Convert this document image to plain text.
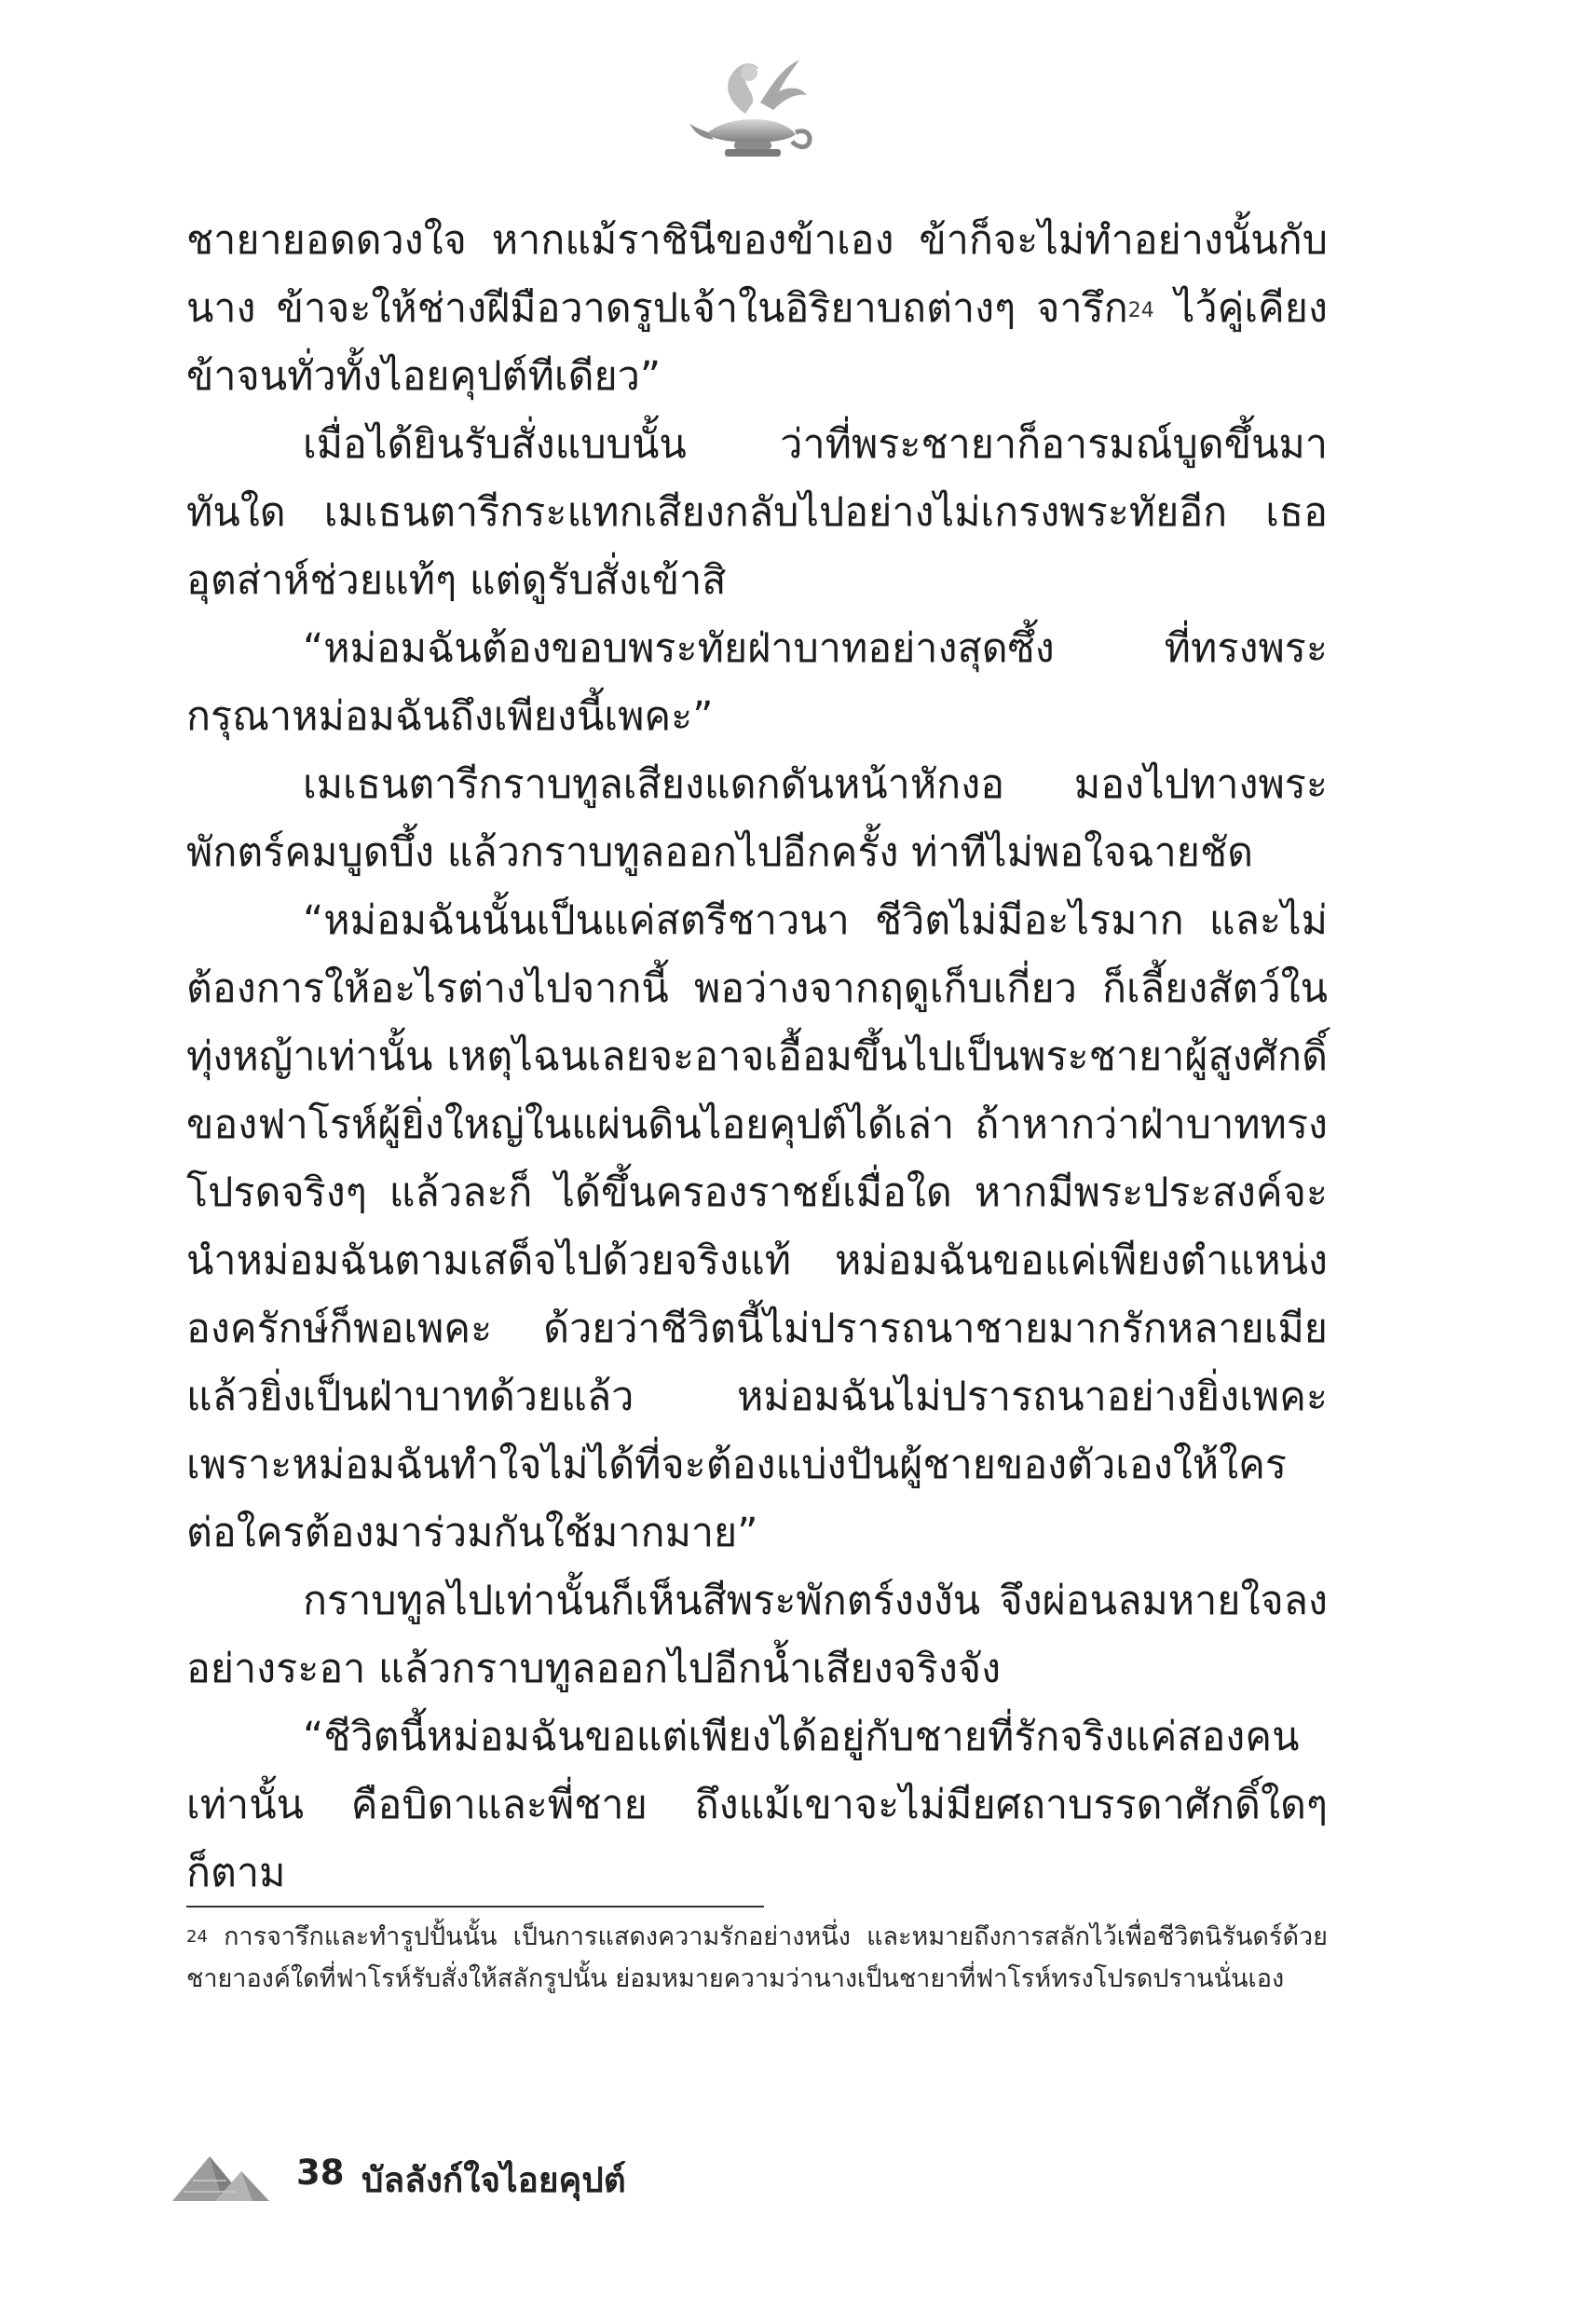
ชายายอดดวงใจ หากแม้ราชินีของข้าเอง ข้าก็จะไม่ทำอย่างนั้นกับนาง ข้าจะให้ช่างฝีมือวาดรูปเจ้าในอิริยาบถต่างๆ จารึก$^{24}$ ไว้คู่เคียงข้าจนทั่วทั้งไอยคุปต์ทีเดียว”

เมื่อได้ยินรับสั่งแบบนั้น ว่าที่พระชายาก็อารมณ์บูดขึ้นมาทันใด เมเธนตารีกระแทกเสียงกลับไปอย่างไม่เกรงพระทัยอีก เธออุตส่าห์ช่วยแท้ๆ แต่ดูรับสั่งเข้าสิ

“หม่อมฉันต้องขอบพระทัยฝ่าบาทอย่างสุดซึ้ง ที่ทรงพระกรุณาหม่อมฉันถึงเพียงนี้เพคะ”

เมเธนตารีกราบทูลเสียงแดกดันหน้าหักงอ มองไปทางพระพักตร์คมบูดบึ้ง แล้วกราบทูลออกไปอีกครั้ง ท่าทีไม่พอใจฉายชัด

“หม่อมฉันนั้นเป็นแค่สตรีชาวนา ชีวิตไม่มีอะไรมาก และไม่ต้องการให้อะไรต่างไปจากนี้ พอว่างจากฤดูเก็บเกี่ยว ก็เลี้ยงสัตว์ในทุ่งหญ้าเท่านั้น เหตุไฉนเลยจะอาจเอื้อมขึ้นไปเป็นพระชายาผู้สูงศักดิ์ของฟาโรห์ผู้ยิ่งใหญ่ในแผ่นดินไอยคุปต์ได้เล่า ถ้าหากว่าฝ่าบาททรงโปรดจริงๆ แล้วละก็ ได้ขึ้นครองราชย์เมื่อใด หากมีพระประสงค์จะนำหม่อมฉันตามเสด็จไปด้วยจริงแท้ หม่อมฉันขอแค่เพียงตำแหน่งองครักษ์ก็พอเพคะ ด้วยว่าชีวิตนี้ไม่ปรารถนาชายมากรักหลายเมียแล้วยิ่งเป็นฝ่าบาทด้วยแล้ว หม่อมฉันไม่ปรารถนาอย่างยิ่งเพคะ เพราะหม่อมฉันทำใจไม่ได้ที่จะต้องแบ่งปันผู้ชายของตัวเองให้ใครต่อใครต้องมาร่วมกันใช้มากมาย”

กราบทูลไปเท่านั้นก็เห็นสีพระพักตร์งงงัน จึงผ่อนลมหายใจลงอย่างระอา แล้วกราบทูลออกไปอีกน้ำเสียงจริงจัง

“ชีวิตนี้หม่อมฉันขอแต่เพียงได้อยู่กับชายที่รักจริงแค่สองคนเท่านั้น คือบิดาและพี่ชาย ถึงแม้เขาจะไม่มียศถาบรรดาศักดิ์ใดๆ ก็ตาม

$^{24}$ การจารึกและทำรูปปั้นนั้น เป็นการแสดงความรักอย่างหนึ่ง และหมายถึงการสลักไว้เพื่อชีวิตนิรันดร์ด้วย ชายาองค์ใดที่ฟาโรห์รับสั่งให้สลักรูปนั้น ย่อมหมายความว่านางเป็นชายาที่ฟาโรห์ทรงโปรดปรานนั่นเอง
38 บัลลังก์ใจไอยคุปต์
